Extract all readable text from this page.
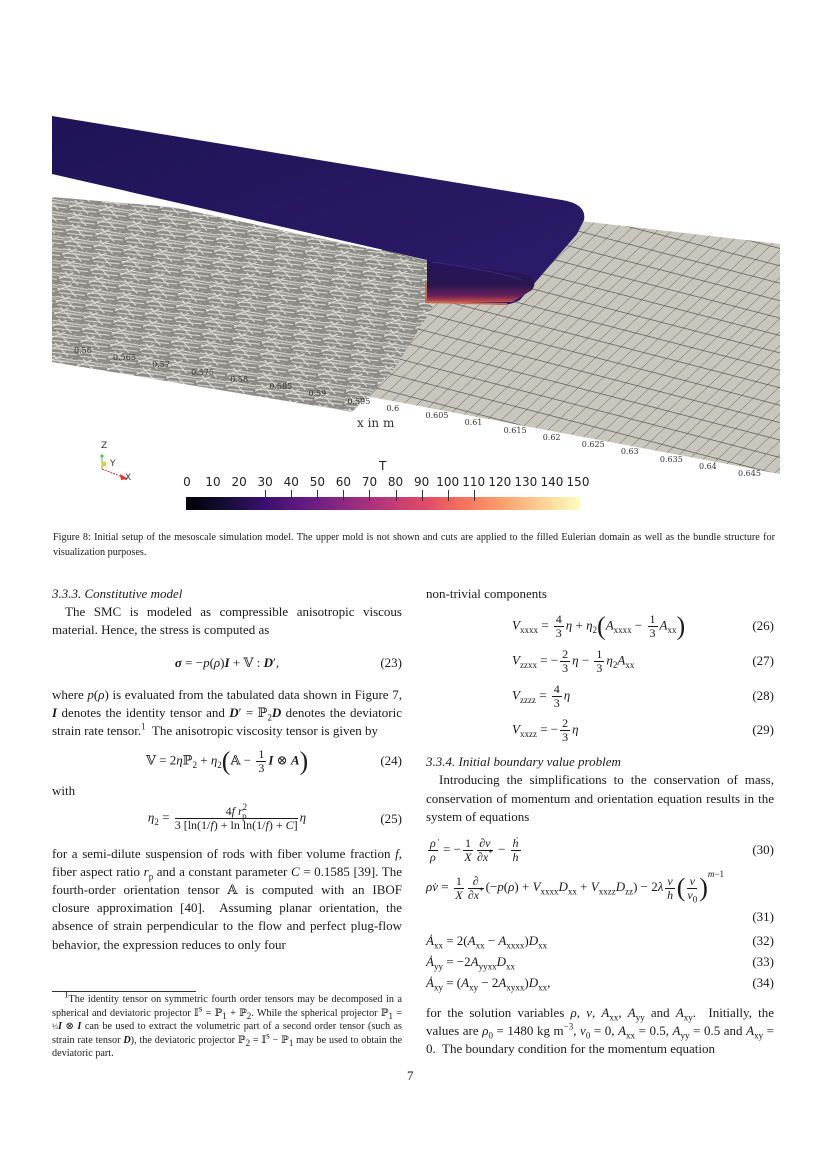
0.56
0.565
0.57
0.575
0.58
0.585
0.59
0.595
0.6
0.605
0.61
0.615
0.62
0.625
0.63
0.635
0.64
0.645
x in m
Z
Y
X
T
0 10 20 30 40 50 60 70 80 90 100 110 120 130 140 150
Figure 8: Initial setup of the mesoscale simulation model. The upper mold is not shown and cuts are applied to the filled Eulerian domain as well as the bundle structure for visualization purposes.
3.3.3. Constitutive model
The SMC is modeled as compressible anisotropic viscous material. Hence, the stress is computed as
σ = −p(ρ)I + 𝕍 : D′,	(23)
where p(ρ) is evaluated from the tabulated data shown in Figure 7, I denotes the identity tensor and D′ = ℙ$_2$D denotes the deviatoric strain rate tensor.$^1$  The anisotropic viscosity tensor is given by
𝕍 = 2ηℙ$_2$ + $\eta_2(𝔸 - \frac{1}{3}$ I ⊗ A)	(24)
with
$\eta_2 = \frac{4f r^2_p}{\text{3 [ln(1/f) + ln ln(1/f) + C]}}$ η	(25)
for a semi-dilute suspension of rods with fiber volume fraction f, fiber aspect ratio $r_p$ and a constant parameter C = 0.1585 [39]. The fourth-order orientation tensor 𝔸 is computed with an IBOF closure approximation [40].  Assuming planar orientation, the absence of strain perpendicular to the flow and perfect plug-flow behavior, the expression reduces to only four
$^1$The identity tensor on symmetric fourth order tensors may be decomposed in a spherical and deviatoric projector 𝕀$^s$ = ℙ$_1$ + ℙ$_2$. While the spherical projector ℙ$_1$ = ⅓I ⊗ I can be used to extract the volumetric part of a second order tensor (such as strain rate tensor D), the deviatoric projector ℙ$_2$ = 𝕀$^s$ − ℙ$_1$ may be used to obtain the deviatoric part.
non-trivial components
$V_{xxxx} = \frac{4}{3}$ $\eta + \eta_2(A_{xxxx} - \frac{1}{3} A_{xx})$	(26)
$V_{zzxx}$ = − $\frac{2}{3}$ $\eta - \frac{1}{3} \eta_2A_{xx}$	(27)
$V_{zzzz} = \frac{4}{3}$ η	(28)
$V_{xxzz}$ = − $\frac{2}{3}$ η	(29)
3.3.4. Initial boundary value problem
Introducing the simplifications to the conservation of mass, conservation of momentum and orientation equation results in the system of equations
$\frac{\rhȯ}{\rho}$ = − $\frac{1}{X} \frac{\partial v}{\partial x^*} - \frac{\text{ḣ}}{h}$	(30)
ρv̇ = $\frac{1}{X} \frac{\partial}{\partial x^*} (-p(\rho) + V_{xxxx}D_{xx} + V_{xxzz}D_{zz}) - 2\lambda \frac{v}{h}$ ( $\frac{v}{v_0} )^{m-1}$
(31)
$Ȧ_{xx} = 2(A_{xx} - A_{xxxx})D_{xx}$	(32)
$Ȧ_{yy} = -2A_{yyxx}D_{xx}$	(33)
$Ȧ_{xy} = (A_{xy} - 2A_{xyxx})D_{xx}$,	(34)
for the solution variables ρ, v, $A_{xx}$, $A_{yy}$ and $A_{xy}$.  Initially, the values are $\rho_0 = 1480$ kg $m^{-3}$, $v_0 = 0$, $A_{xx} = 0.5$, $A_{yy} = 0.5$ and $A_{xy} = 0$.  The boundary condition for the momentum equation
7
